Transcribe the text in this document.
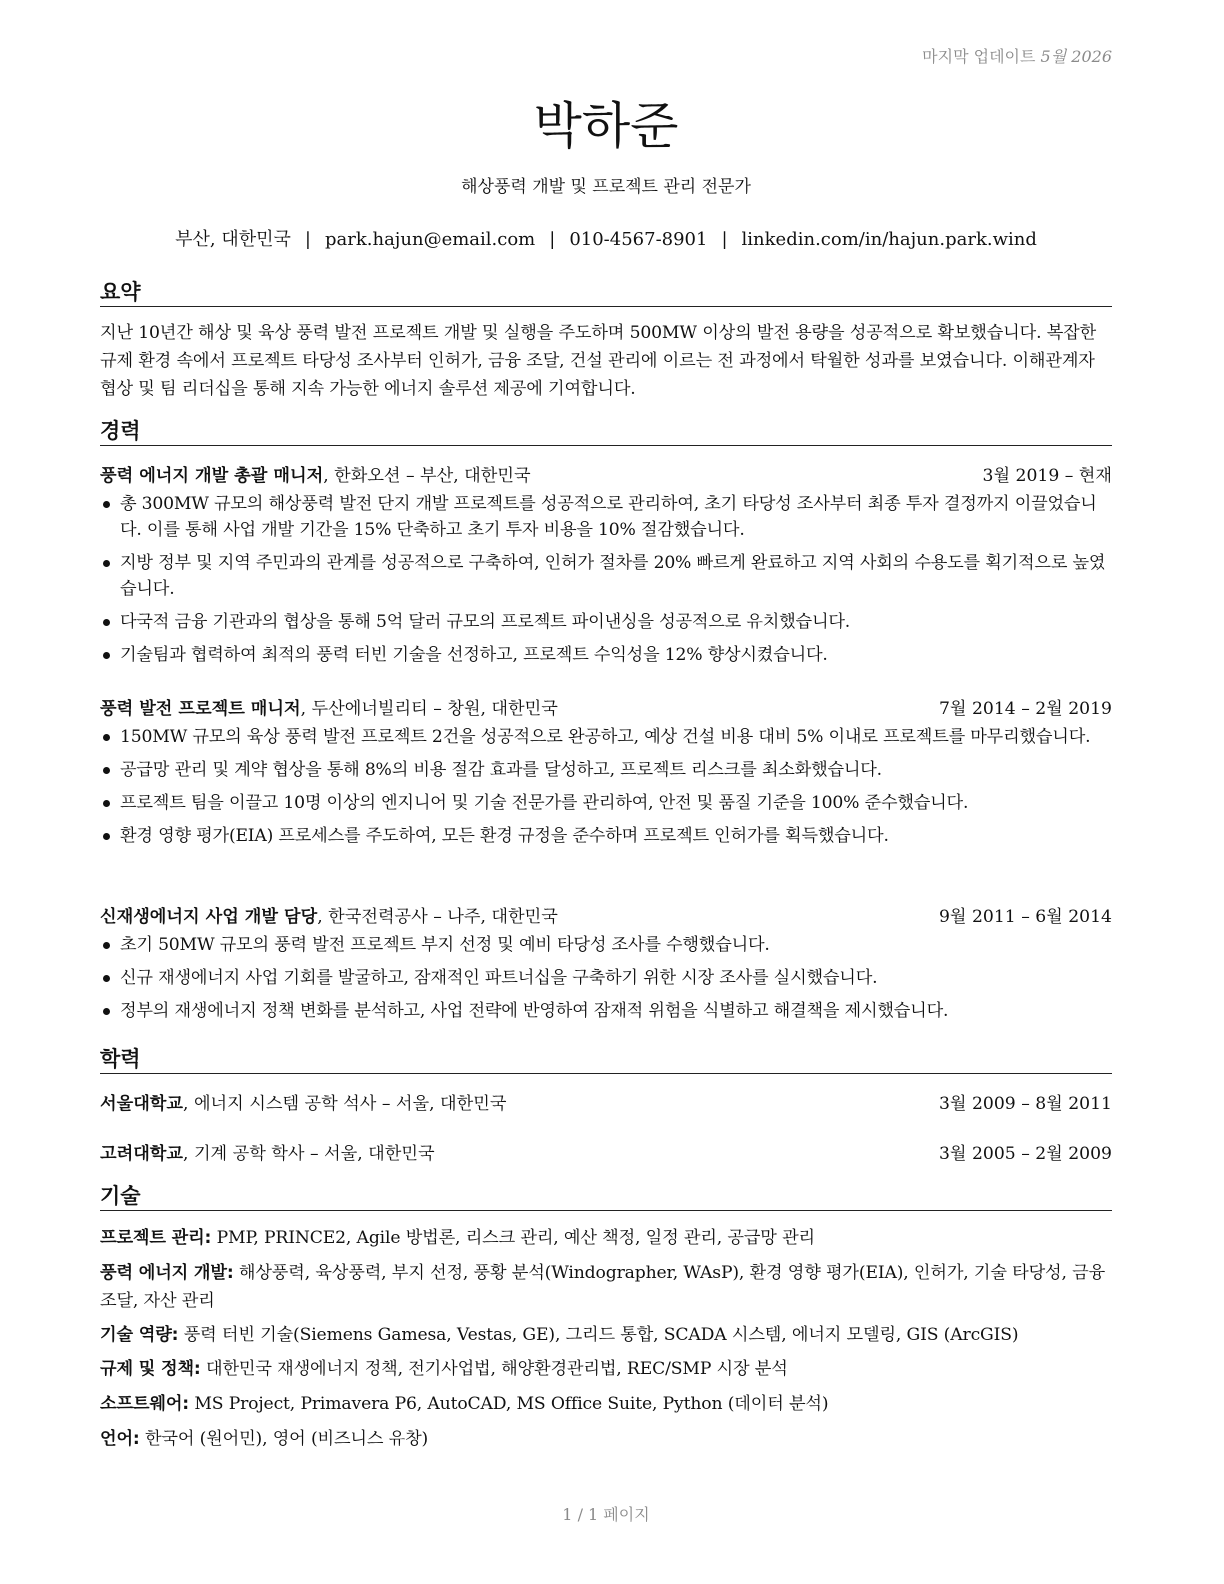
마지막 업데이트 5월 2026
박하준
해상풍력 개발 및 프로젝트 관리 전문가
부산, 대한민국 | park.hajun@email.com | 010-4567-8901 | linkedin.com/in/hajun.park.wind
요약
지난 10년간 해상 및 육상 풍력 발전 프로젝트 개발 및 실행을 주도하며 500MW 이상의 발전 용량을 성공적으로 확보했습니다. 복잡한 규제 환경 속에서 프로젝트 타당성 조사부터 인허가, 금융 조달, 건설 관리에 이르는 전 과정에서 탁월한 성과를 보였습니다. 이해관계자 협상 및 팀 리더십을 통해 지속 가능한 에너지 솔루션 제공에 기여합니다.
경력
풍력 에너지 개발 총괄 매니저, 한화오션 – 부산, 대한민국	3월 2019 – 현재
총 300MW 규모의 해상풍력 발전 단지 개발 프로젝트를 성공적으로 관리하여, 초기 타당성 조사부터 최종 투자 결정까지 이끌었습니다. 이를 통해 사업 개발 기간을 15% 단축하고 초기 투자 비용을 10% 절감했습니다.
지방 정부 및 지역 주민과의 관계를 성공적으로 구축하여, 인허가 절차를 20% 빠르게 완료하고 지역 사회의 수용도를 획기적으로 높였습니다.
다국적 금융 기관과의 협상을 통해 5억 달러 규모의 프로젝트 파이낸싱을 성공적으로 유치했습니다.
기술팀과 협력하여 최적의 풍력 터빈 기술을 선정하고, 프로젝트 수익성을 12% 향상시켰습니다.
풍력 발전 프로젝트 매니저, 두산에너빌리티 – 창원, 대한민국	7월 2014 – 2월 2019
150MW 규모의 육상 풍력 발전 프로젝트 2건을 성공적으로 완공하고, 예상 건설 비용 대비 5% 이내로 프로젝트를 마무리했습니다.
공급망 관리 및 계약 협상을 통해 8%의 비용 절감 효과를 달성하고, 프로젝트 리스크를 최소화했습니다.
프로젝트 팀을 이끌고 10명 이상의 엔지니어 및 기술 전문가를 관리하여, 안전 및 품질 기준을 100% 준수했습니다.
환경 영향 평가(EIA) 프로세스를 주도하여, 모든 환경 규정을 준수하며 프로젝트 인허가를 획득했습니다.
신재생에너지 사업 개발 담당, 한국전력공사 – 나주, 대한민국	9월 2011 – 6월 2014
초기 50MW 규모의 풍력 발전 프로젝트 부지 선정 및 예비 타당성 조사를 수행했습니다.
신규 재생에너지 사업 기회를 발굴하고, 잠재적인 파트너십을 구축하기 위한 시장 조사를 실시했습니다.
정부의 재생에너지 정책 변화를 분석하고, 사업 전략에 반영하여 잠재적 위험을 식별하고 해결책을 제시했습니다.
학력
서울대학교, 에너지 시스템 공학 석사 – 서울, 대한민국	3월 2009 – 8월 2011
고려대학교, 기계 공학 학사 – 서울, 대한민국	3월 2005 – 2월 2009
기술
프로젝트 관리: PMP, PRINCE2, Agile 방법론, 리스크 관리, 예산 책정, 일정 관리, 공급망 관리
풍력 에너지 개발: 해상풍력, 육상풍력, 부지 선정, 풍황 분석(Windographer, WAsP), 환경 영향 평가(EIA), 인허가, 기술 타당성, 금융 조달, 자산 관리
기술 역량: 풍력 터빈 기술(Siemens Gamesa, Vestas, GE), 그리드 통합, SCADA 시스템, 에너지 모델링, GIS (ArcGIS)
규제 및 정책: 대한민국 재생에너지 정책, 전기사업법, 해양환경관리법, REC/SMP 시장 분석
소프트웨어: MS Project, Primavera P6, AutoCAD, MS Office Suite, Python (데이터 분석)
언어: 한국어 (원어민), 영어 (비즈니스 유창)
1 / 1 페이지
